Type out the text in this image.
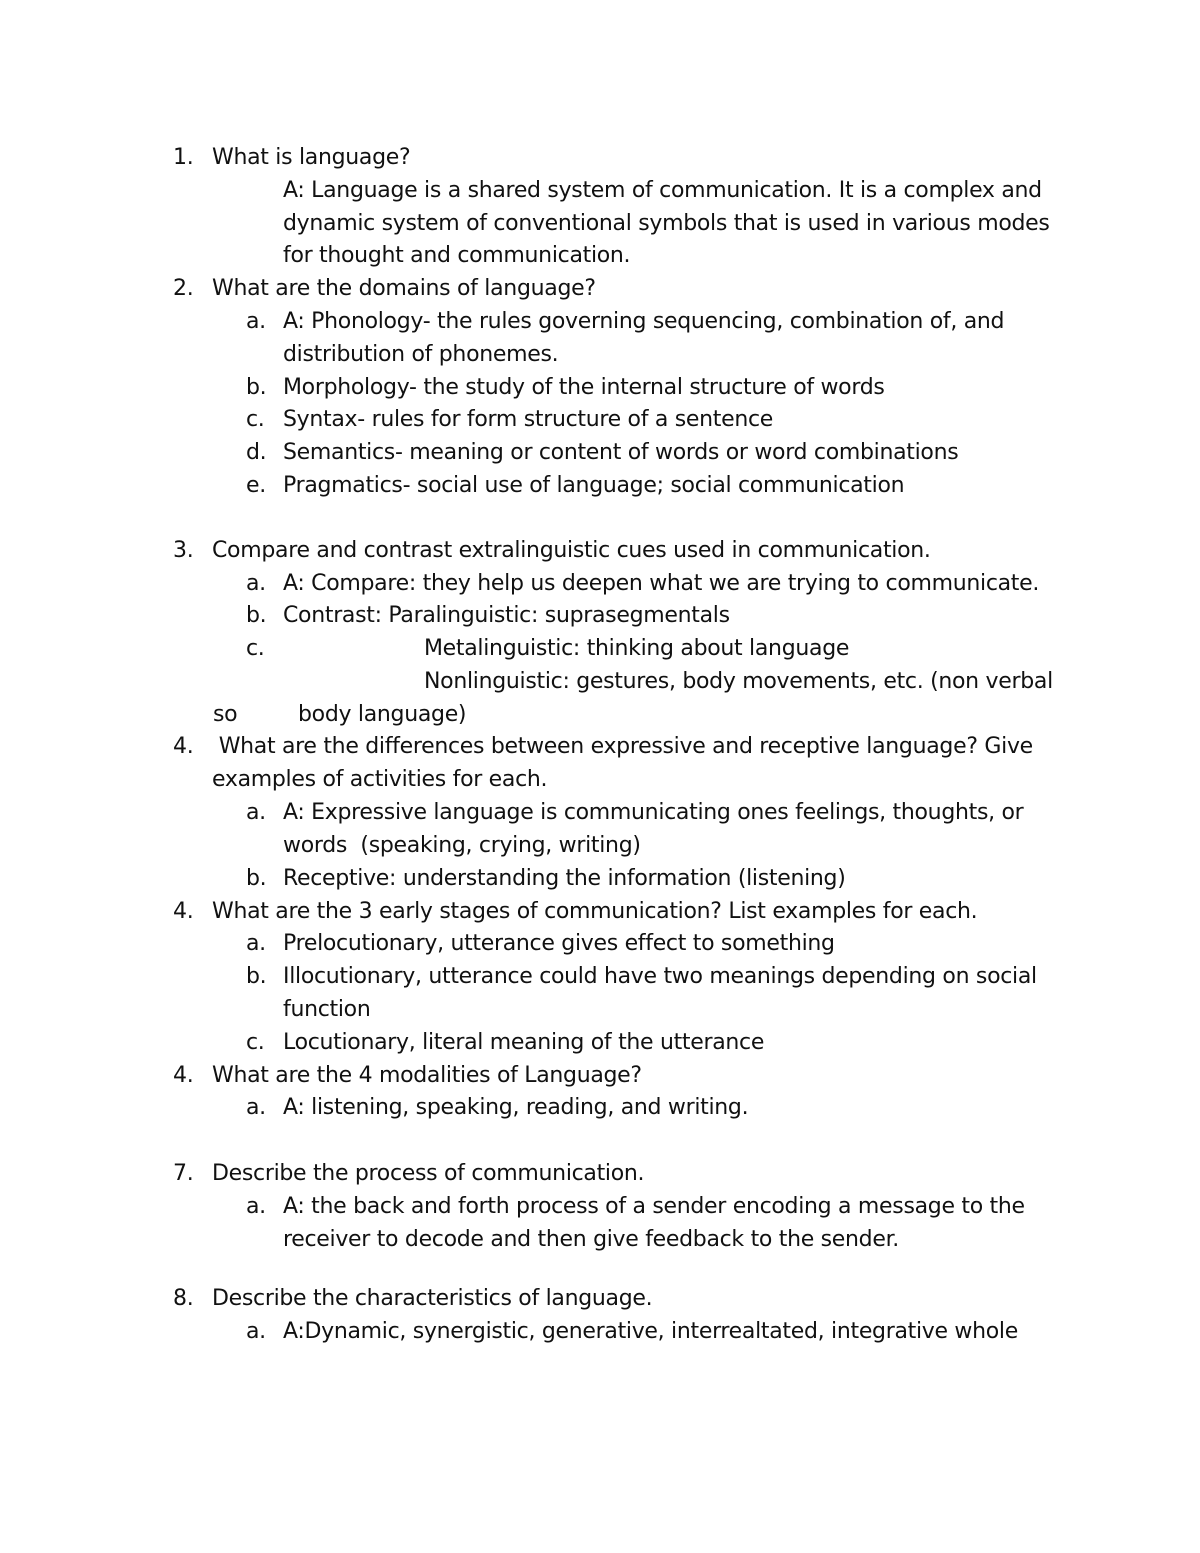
1. What is language?
A: Language is a shared system of communication. It is a complex and
dynamic system of conventional symbols that is used in various modes
for thought and communication.
2. What are the domains of language?
a. A: Phonology- the rules governing sequencing, combination of, and
distribution of phonemes.
b. Morphology- the study of the internal structure of words
c. Syntax- rules for form structure of a sentence
d. Semantics- meaning or content of words or word combinations
e. Pragmatics- social use of language; social communication
3. Compare and contrast extralinguistic cues used in communication.
a. A: Compare: they help us deepen what we are trying to communicate.
b. Contrast: Paralinguistic: suprasegmentals
c.	Metalinguistic: thinking about language
Nonlinguistic: gestures, body movements, etc. (non verbal
so	body language)
4. What are the differences between expressive and receptive language? Give
examples of activities for each.
a. A: Expressive language is communicating ones feelings, thoughts, or
words  (speaking, crying, writing)
b. Receptive: understanding the information (listening)
4. What are the 3 early stages of communication? List examples for each.
a. Prelocutionary, utterance gives effect to something
b. Illocutionary, utterance could have two meanings depending on social
function
c. Locutionary, literal meaning of the utterance
4. What are the 4 modalities of Language?
a. A: listening, speaking, reading, and writing.
7. Describe the process of communication.
a. A: the back and forth process of a sender encoding a message to the
receiver to decode and then give feedback to the sender.
8. Describe the characteristics of language.
a. A:Dynamic, synergistic, generative, interrealtated, integrative whole
